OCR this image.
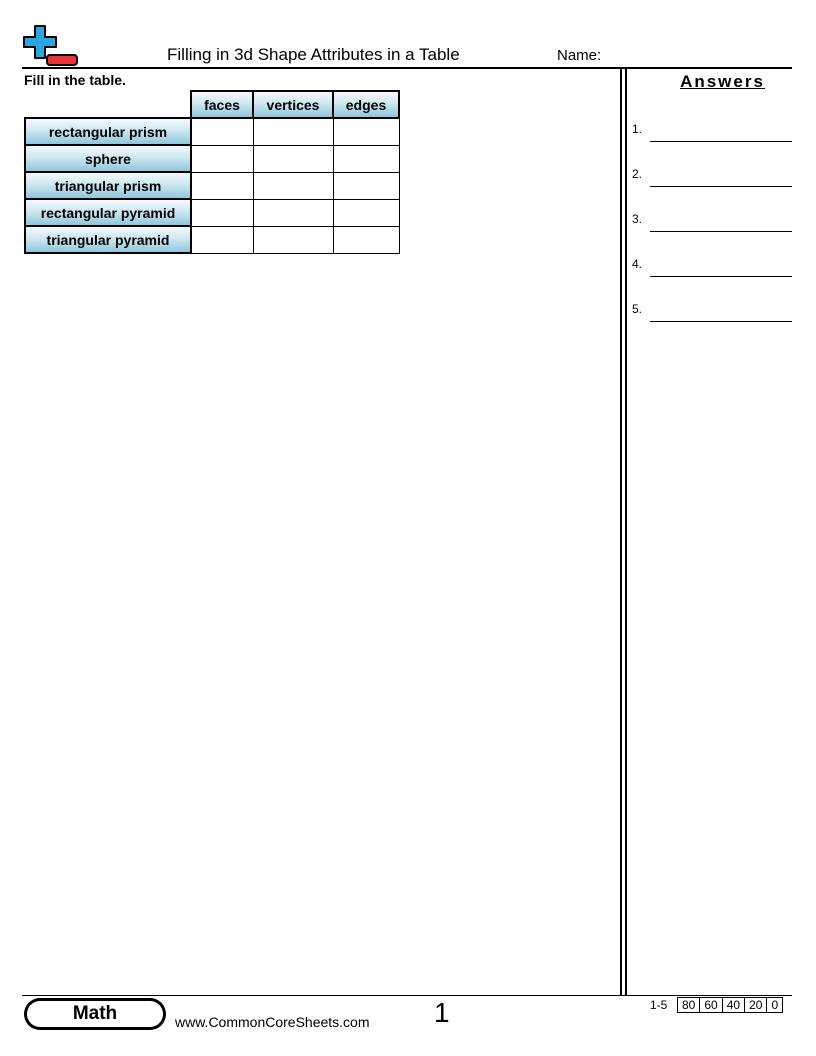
Filling in 3d Shape Attributes in a Table	Name:
Fill in the table.
	faces	vertices	edges
rectangular prism			
sphere			
triangular prism			
rectangular pyramid			
triangular pyramid			
Answers
1.
2.
3.
4.
5.
Math	www.CommonCoreSheets.com 1	1-5 80	60	40	20	0
